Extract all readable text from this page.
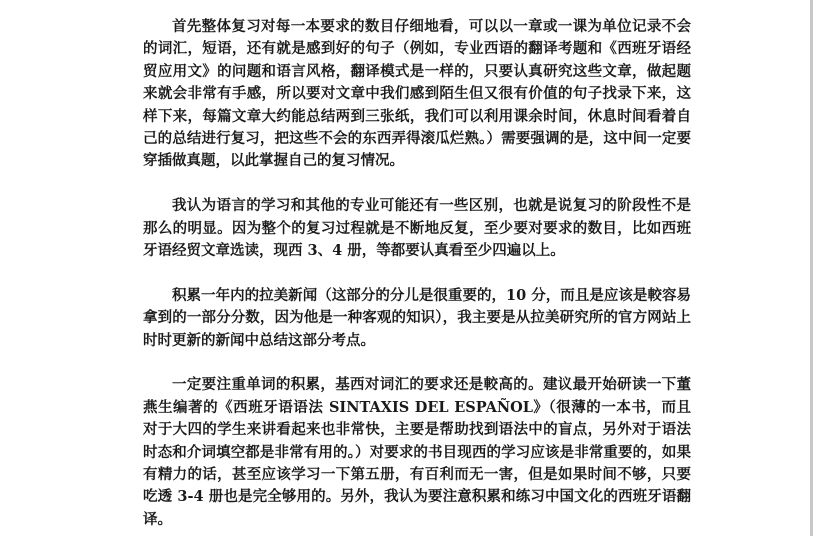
首先整体复习对每一本要求的数目仔细地看，可以以一章或一课为单位记录不会的词汇，短语，还有就是感到好的句子（例如，专业西语的翻译考题和《西班牙语经贸应用文》的问题和语言风格，翻译模式是一样的，只要认真研究这些文章，做起题来就会非常有手感，所以要对文章中我们感到陌生但又很有价值的句子找录下来，这样下来，每篇文章大约能总结两到三张纸，我们可以利用课余时间，休息时间看着自己的总结进行复习，把这些不会的东西弄得滚瓜烂熟。）需要强调的是，这中间一定要穿插做真题，以此掌握自己的复习情况。

我认为语言的学习和其他的专业可能还有一些区别，也就是说复习的阶段性不是那么的明显。因为整个的复习过程就是不断地反复，至少要对要求的数目，比如西班牙语经贸文章选读，现西 3、4 册，等都要认真看至少四遍以上。

积累一年内的拉美新闻（这部分的分儿是很重要的，10 分，而且是应该是較容易拿到的一部分分数，因为他是一种客观的知识），我主要是从拉美研究所的官方网站上时时更新的新闻中总结这部分考点。

一定要注重单词的积累，基西对词汇的要求还是較高的。建议最开始研读一下董燕生编著的《西班牙语语法 SINTAXIS DEL ESPAÑOL》（很薄的一本书，而且对于大四的学生来讲看起来也非常快，主要是帮助找到语法中的盲点，另外对于语法时态和介词填空都是非常有用的。）对要求的书目现西的学习应该是非常重要的，如果有精力的话，甚至应该学习一下第五册，有百利而无一害，但是如果时间不够，只要吃透 3-4 册也是完全够用的。另外，我认为要注意积累和练习中国文化的西班牙语翻译。
